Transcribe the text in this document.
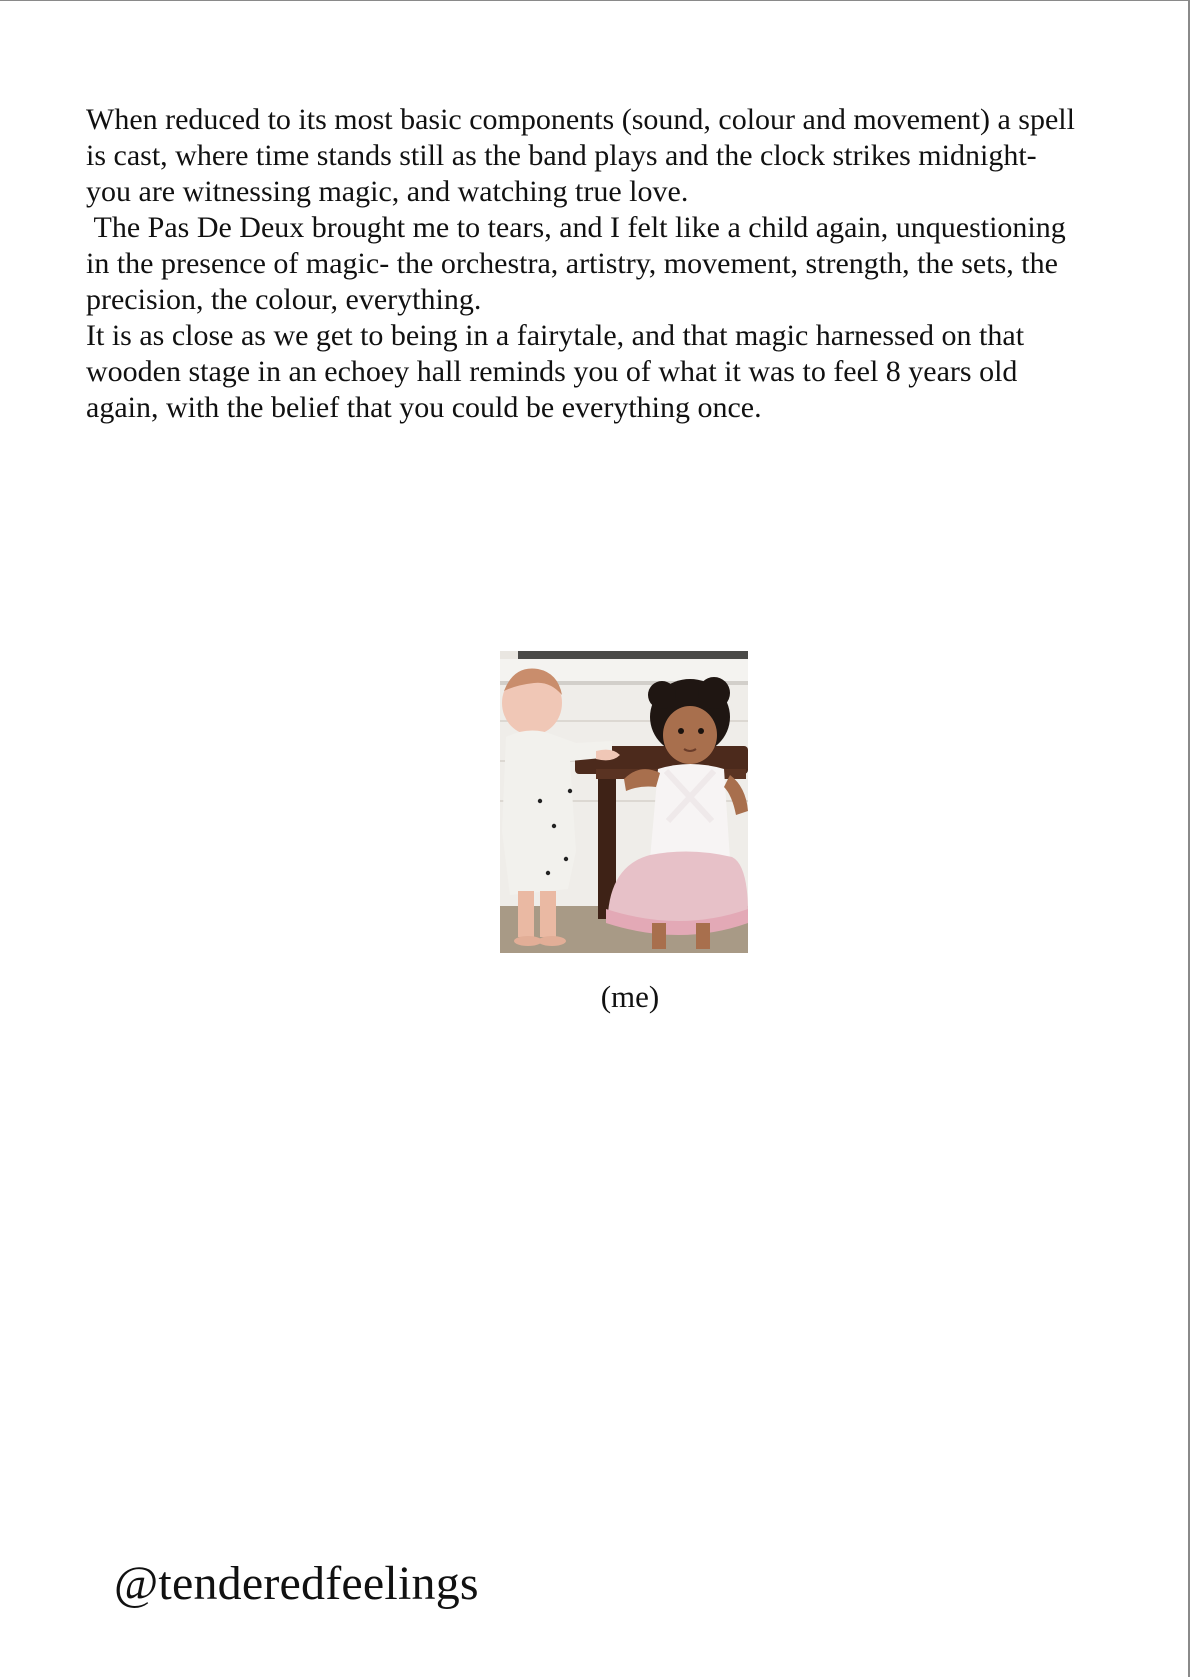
When reduced to its most basic components (sound, colour and movement) a spell is cast, where time stands still as the band plays and the clock strikes midnight- you are witnessing magic, and watching true love.

The Pas De Deux brought me to tears, and I felt like a child again, unquestioning in the presence of magic- the orchestra, artistry, movement, strength, the sets, the precision, the colour, everything.

It is as close as we get to being in a fairytale, and that magic harnessed on that wooden stage in an echoey hall reminds you of what it was to feel 8 years old again, with the belief that you could be everything once.

(me)
@tenderedfeelings
